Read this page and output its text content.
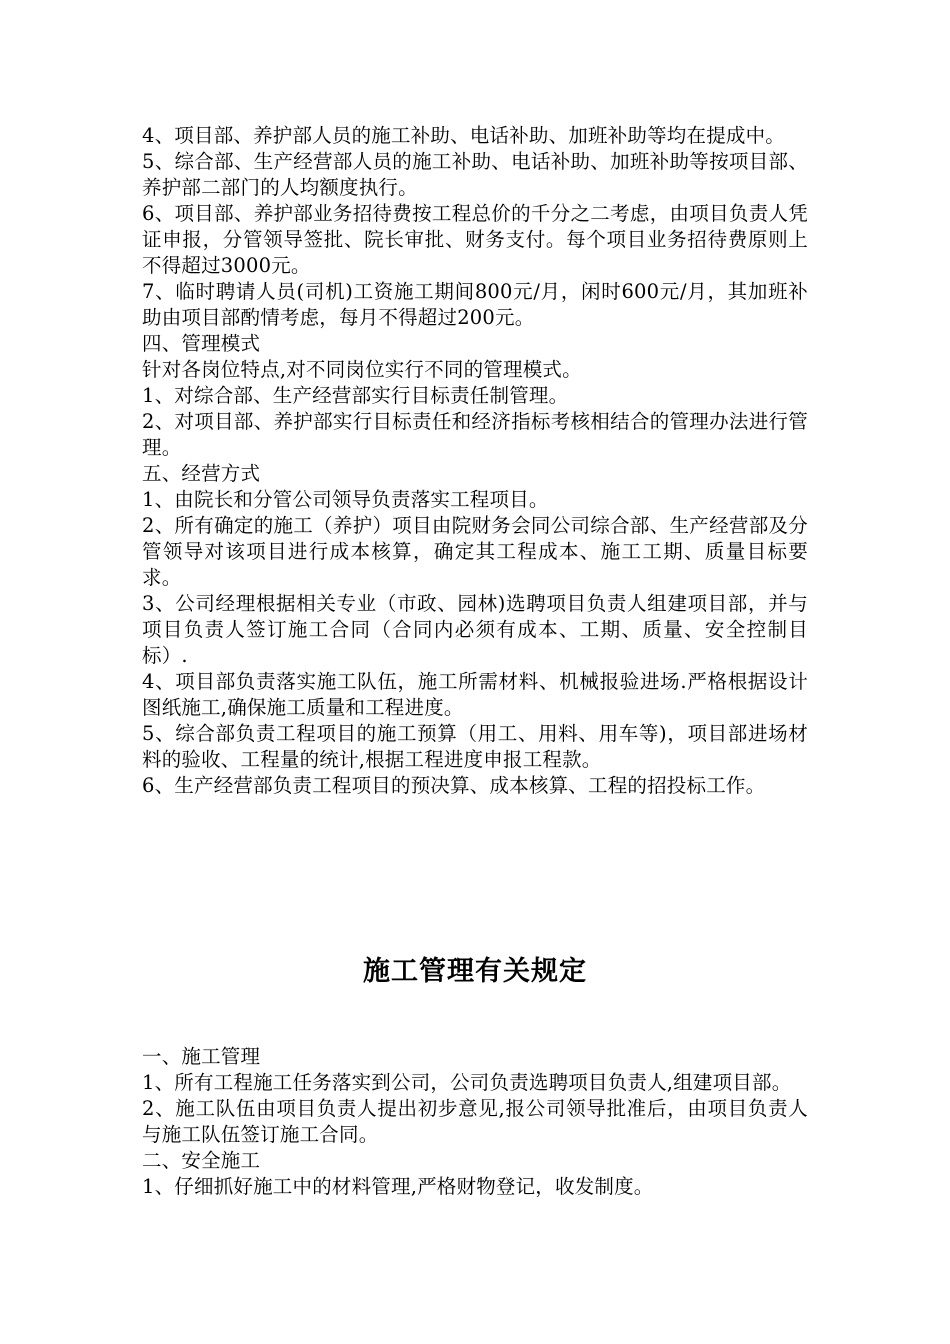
4、项目部、养护部人员的施工补助、电话补助、加班补助等均在提成中。

5、综合部、生产经营部人员的施工补助、电话补助、加班补助等按项目部、养护部二部门的人均额度执行。

6、项目部、养护部业务招待费按工程总价的千分之二考虑，由项目负责人凭证申报，分管领导签批、院长审批、财务支付。每个项目业务招待费原则上不得超过3000元。

7、临时聘请人员(司机)工资施工期间800元/月，闲时600元/月，其加班补助由项目部酌情考虑，每月不得超过200元。

四、管理模式

针对各岗位特点,对不同岗位实行不同的管理模式。

1、对综合部、生产经营部实行目标责任制管理。

2、对项目部、养护部实行目标责任和经济指标考核相结合的管理办法进行管理。

五、经营方式

1、由院长和分管公司领导负责落实工程项目。

2、所有确定的施工（养护）项目由院财务会同公司综合部、生产经营部及分管领导对该项目进行成本核算，确定其工程成本、施工工期、质量目标要求。

3、公司经理根据相关专业（市政、园林)选聘项目负责人组建项目部，并与项目负责人签订施工合同（合同内必须有成本、工期、质量、安全控制目标）.

4、项目部负责落实施工队伍，施工所需材料、机械报验进场.严格根据设计图纸施工,确保施工质量和工程进度。

5、综合部负责工程项目的施工预算（用工、用料、用车等)，项目部进场材料的验收、工程量的统计,根据工程进度申报工程款。

6、生产经营部负责工程项目的预决算、成本核算、工程的招投标工作。

施工管理有关规定

一、施工管理

1、所有工程施工任务落实到公司，公司负责选聘项目负责人,组建项目部。

2、施工队伍由项目负责人提出初步意见,报公司领导批准后，由项目负责人与施工队伍签订施工合同。

二、安全施工

1、仔细抓好施工中的材料管理,严格财物登记，收发制度。
